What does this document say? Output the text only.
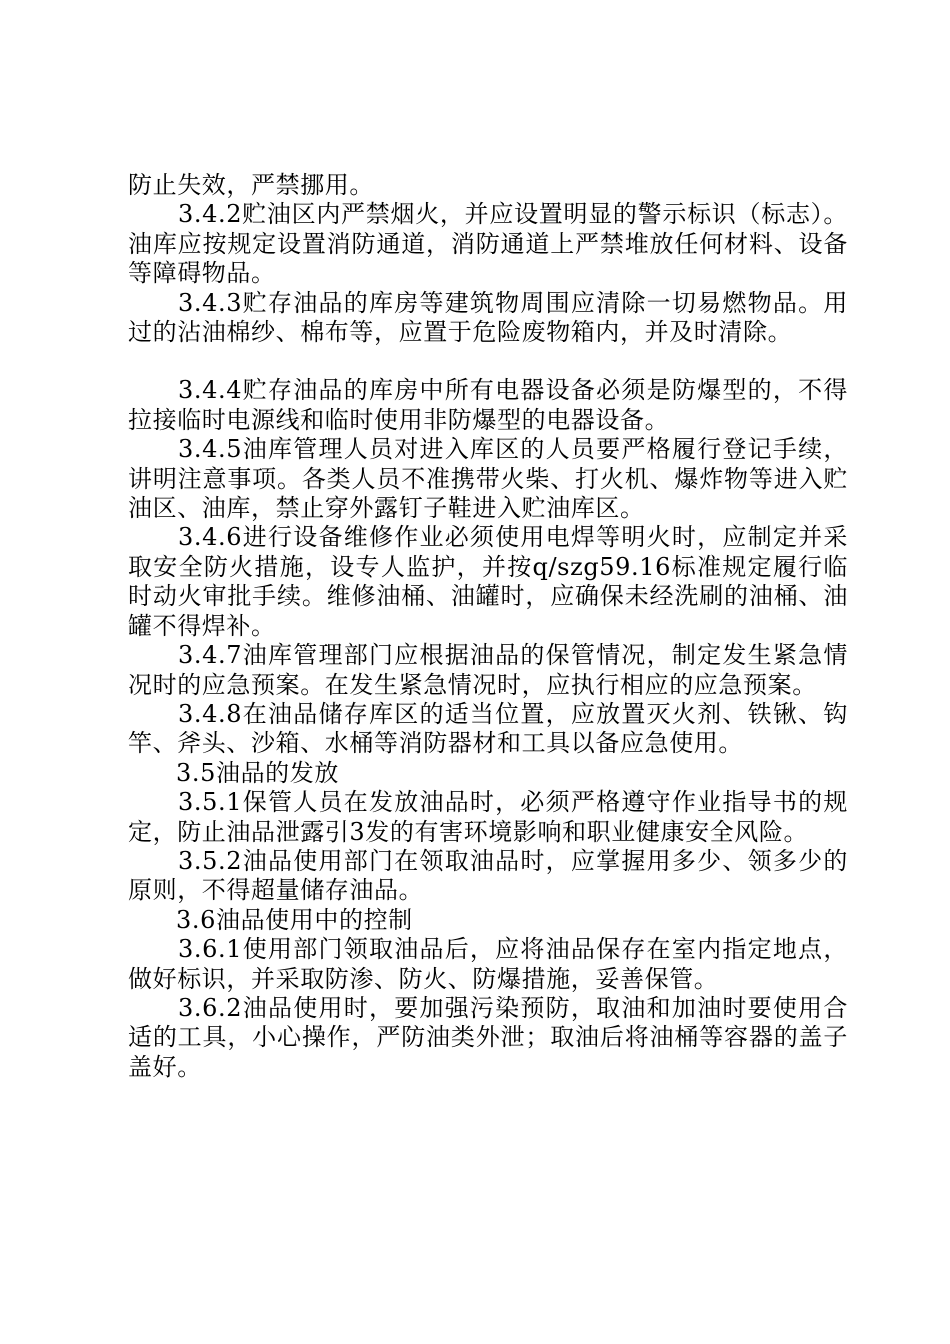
防止失效，严禁挪用。

3.4.2贮油区内严禁烟火，并应设置明显的警示标识（标志）。油库应按规定设置消防通道，消防通道上严禁堆放任何材料、设备等障碍物品。

3.4.3贮存油品的库房等建筑物周围应清除一切易燃物品。用过的沾油棉纱、棉布等，应置于危险废物箱内，并及时清除。

3.4.4贮存油品的库房中所有电器设备必须是防爆型的，不得拉接临时电源线和临时使用非防爆型的电器设备。

3.4.5油库管理人员对进入库区的人员要严格履行登记手续，讲明注意事项。各类人员不准携带火柴、打火机、爆炸物等进入贮油区、油库，禁止穿外露钉子鞋进入贮油库区。

3.4.6进行设备维修作业必须使用电焊等明火时，应制定并采取安全防火措施，设专人监护，并按q/szg59.16标准规定履行临时动火审批手续。维修油桶、油罐时，应确保未经洗刷的油桶、油罐不得焊补。

3.4.7油库管理部门应根据油品的保管情况，制定发生紧急情况时的应急预案。在发生紧急情况时，应执行相应的应急预案。

3.4.8在油品储存库区的适当位置，应放置灭火剂、铁锹、钩竿、斧头、沙箱、水桶等消防器材和工具以备应急使用。

3.5油品的发放

3.5.1保管人员在发放油品时，必须严格遵守作业指导书的规定，防止油品泄露引3发的有害环境影响和职业健康安全风险。

3.5.2油品使用部门在领取油品时，应掌握用多少、领多少的原则，不得超量储存油品。

3.6油品使用中的控制

3.6.1使用部门领取油品后，应将油品保存在室内指定地点，做好标识，并采取防渗、防火、防爆措施，妥善保管。

3.6.2油品使用时，要加强污染预防，取油和加油时要使用合适的工具，小心操作，严防油类外泄；取油后将油桶等容器的盖子盖好。
